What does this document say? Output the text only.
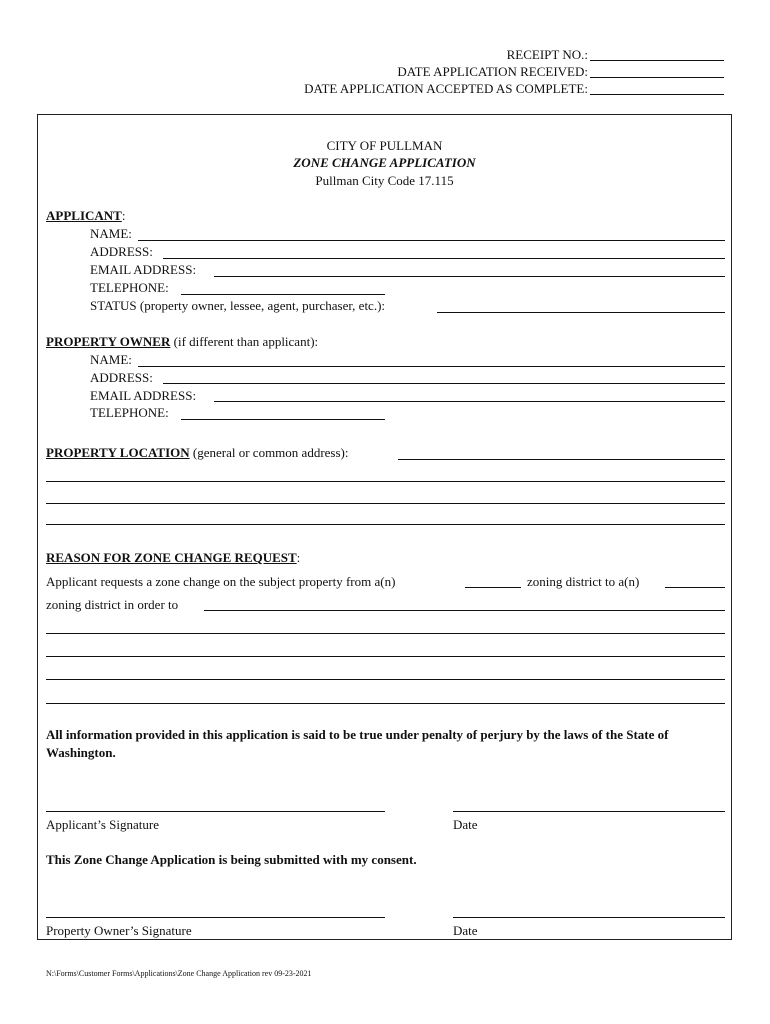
RECEIPT NO.:
DATE APPLICATION RECEIVED:
DATE APPLICATION ACCEPTED AS COMPLETE:
CITY OF PULLMAN
ZONE CHANGE APPLICATION
Pullman City Code 17.115
APPLICANT:
NAME:
ADDRESS:
EMAIL ADDRESS:
TELEPHONE:
STATUS (property owner, lessee, agent, purchaser, etc.):
PROPERTY OWNER (if different than applicant):
NAME:
ADDRESS:
EMAIL ADDRESS:
TELEPHONE:
PROPERTY LOCATION (general or common address):
REASON FOR ZONE CHANGE REQUEST:
Applicant requests a zone change on the subject property from a(n)	zoning district to a(n)
zoning district in order to
All information provided in this application is said to be true under penalty of perjury by the laws of the State of Washington.
Applicant’s Signature	Date
This Zone Change Application is being submitted with my consent.
Property Owner’s Signature	Date
N:\Forms\Customer Forms\Applications\Zone Change Application rev 09-23-2021
